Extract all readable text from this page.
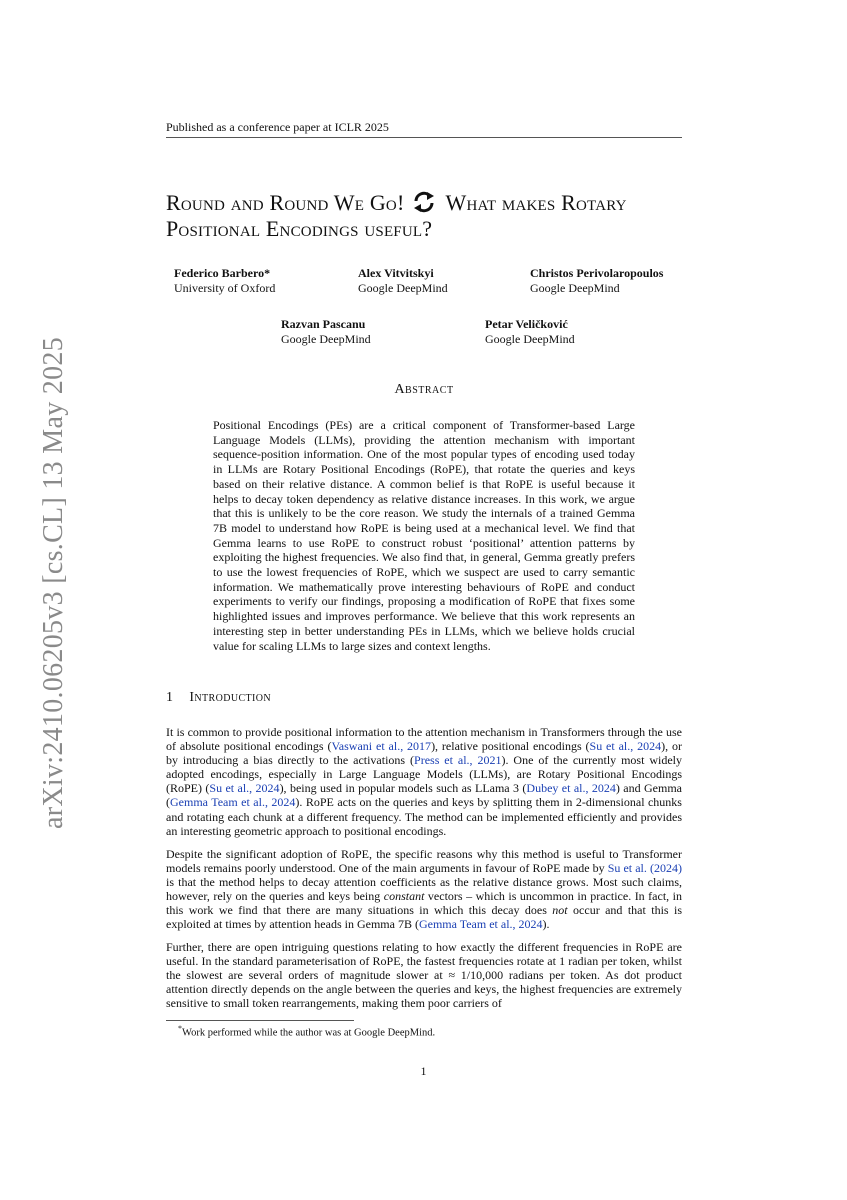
arXiv:2410.06205v3 [cs.CL] 13 May 2025
Published as a conference paper at ICLR 2025
Round and Round We Go! What makes Rotary Positional Encodings useful?
Federico Barbero*
University of Oxford
Alex Vitvitskyi
Google DeepMind
Christos Perivolaropoulos
Google DeepMind
Razvan Pascanu
Google DeepMind
Petar Veličković
Google DeepMind
Abstract

Positional Encodings (PEs) are a critical component of Transformer-based Large Language Models (LLMs), providing the attention mechanism with important sequence-position information. One of the most popular types of encoding used today in LLMs are Rotary Positional Encodings (RoPE), that rotate the queries and keys based on their relative distance. A common belief is that RoPE is useful because it helps to decay token dependency as relative distance increases. In this work, we argue that this is unlikely to be the core reason. We study the internals of a trained Gemma 7B model to understand how RoPE is being used at a mechanical level. We find that Gemma learns to use RoPE to construct robust ‘positional’ attention patterns by exploiting the highest frequencies. We also find that, in general, Gemma greatly prefers to use the lowest frequencies of RoPE, which we suspect are used to carry semantic information. We mathematically prove interesting behaviours of RoPE and conduct experiments to verify our findings, proposing a modification of RoPE that fixes some highlighted issues and improves performance. We believe that this work represents an interesting step in better understanding PEs in LLMs, which we believe holds crucial value for scaling LLMs to large sizes and context lengths.

1 Introduction

It is common to provide positional information to the attention mechanism in Transformers through the use of absolute positional encodings (Vaswani et al., 2017), relative positional encodings (Su et al., 2024), or by introducing a bias directly to the activations (Press et al., 2021). One of the currently most widely adopted encodings, especially in Large Language Models (LLMs), are Rotary Positional Encodings (RoPE) (Su et al., 2024), being used in popular models such as LLama 3 (Dubey et al., 2024) and Gemma (Gemma Team et al., 2024). RoPE acts on the queries and keys by splitting them in 2-dimensional chunks and rotating each chunk at a different frequency. The method can be implemented efficiently and provides an interesting geometric approach to positional encodings.

Despite the significant adoption of RoPE, the specific reasons why this method is useful to Transformer models remains poorly understood. One of the main arguments in favour of RoPE made by Su et al. (2024) is that the method helps to decay attention coefficients as the relative distance grows. Most such claims, however, rely on the queries and keys being constant vectors – which is uncommon in practice. In fact, in this work we find that there are many situations in which this decay does not occur and that this is exploited at times by attention heads in Gemma 7B (Gemma Team et al., 2024).

Further, there are open intriguing questions relating to how exactly the different frequencies in RoPE are useful. In the standard parameterisation of RoPE, the fastest frequencies rotate at 1 radian per token, whilst the slowest are several orders of magnitude slower at ≈ 1/10,000 radians per token. As dot product attention directly depends on the angle between the queries and keys, the highest frequencies are extremely sensitive to small token rearrangements, making them poor carriers of

*Work performed while the author was at Google DeepMind.
1
